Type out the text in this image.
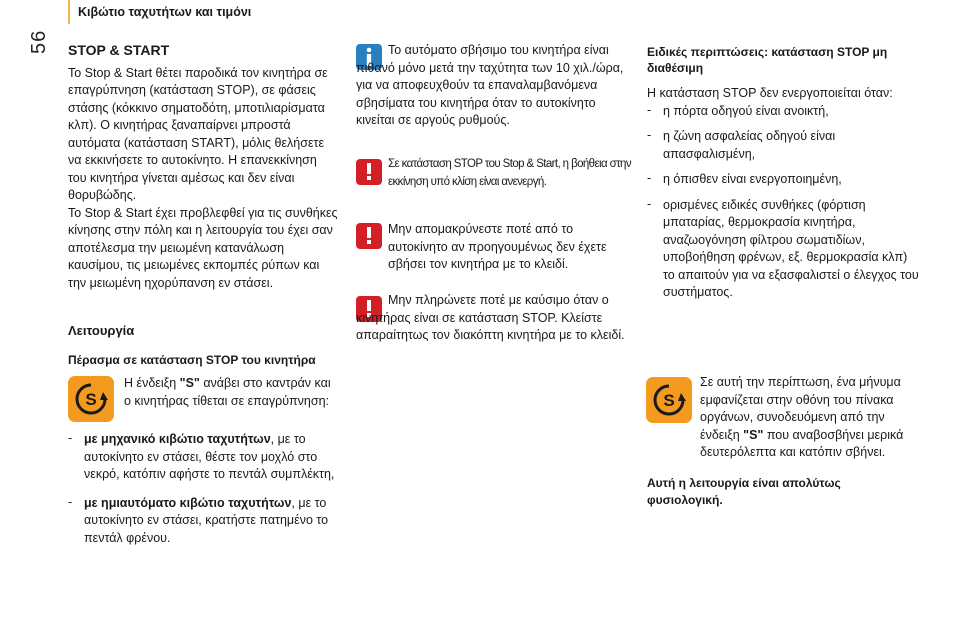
56
Κιβώτιο ταχυτήτων και τιμόνι

STOP & START

Το Stop & Start θέτει παροδικά τον κινητήρα σε επαγρύπνηση (κατάσταση STOP), σε φάσεις στάσης (κόκκινο σηματοδότη, μποτιλιαρίσματα κλπ). Ο κινητήρας ξαναπαίρνει μπροστά αυτόματα (κατάσταση START), μόλις θελήσετε να εκκινήσετε το αυτοκίνητο. Η επανεκκίνηση του κινητήρα γίνεται αμέσως και δεν είναι θορυβώδης.

Το Stop & Start έχει προβλεφθεί για τις συνθήκες κίνησης στην πόλη και η λειτουργία του έχει σαν αποτέλεσμα την μειωμένη κατανάλωση καυσίμου, τις μειωμένες εκπομπές ρύπων και την μειωμένη ηχορύπανση εν στάσει.

Λειτουργία

Πέρασμα σε κατάσταση STOP του κινητήρα

S

Η ένδειξη "S" ανάβει στο καντράν και ο κινητήρας τίθεται σε επαγρύπνηση:

- με μηχανικό κιβώτιο ταχυτήτων, με το αυτοκίνητο εν στάσει, θέστε τον μοχλό στο νεκρό, κατόπιν αφήστε το πεντάλ συμπλέκτη,

- με ημιαυτόματο κιβώτιο ταχυτήτων, με το αυτοκίνητο εν στάσει, κρατήστε πατημένο το πεντάλ φρένου.

Το αυτόματο σβήσιμο του κινητήρα είναι πιθανό μόνο μετά την ταχύτητα των 10 χιλ./ώρα, για να αποφευχθούν τα επαναλαμβανόμενα σβησίματα του κινητήρα όταν το αυτοκίνητο κινείται σε αργούς ρυθμούς.

Σε κατάσταση STOP του Stop & Start, η βοήθεια στην εκκίνηση υπό κλίση είναι ανενεργή.

Μην απομακρύνεστε ποτέ από το αυτοκίνητο αν προηγουμένως δεν έχετε σβήσει τον κινητήρα με το κλειδί.

Μην πληρώνετε ποτέ με καύσιμο όταν ο κινητήρας είναι σε κατάσταση STOP. Κλείστε απαραίτητως τον διακόπτη κινητήρα με το κλειδί.

Ειδικές περιπτώσεις: κατάσταση STOP μη διαθέσιμη

Η κατάσταση STOP δεν ενεργοποιείται όταν:

- η πόρτα οδηγού είναι ανοικτή,

- η ζώνη ασφαλείας οδηγού είναι απασφαλισμένη,

- η όπισθεν είναι ενεργοποιημένη,

- ορισμένες ειδικές συνθήκες (φόρτιση μπαταρίας, θερμοκρασία κινητήρα, αναζωογόνηση φίλτρου σωματιδίων, υποβοήθηση φρένων, εξ. θερμοκρασία κλπ) το απαιτούν για να εξασφαλιστεί ο έλεγχος του συστήματος.

S

Σε αυτή την περίπτωση, ένα μήνυμα εμφανίζεται στην οθόνη του πίνακα οργάνων, συνοδευόμενη από την ένδειξη "S" που αναβοσβήνει μερικά δευτερόλεπτα και κατόπιν σβήνει.

Αυτή η λειτουργία είναι απολύτως φυσιολογική.
